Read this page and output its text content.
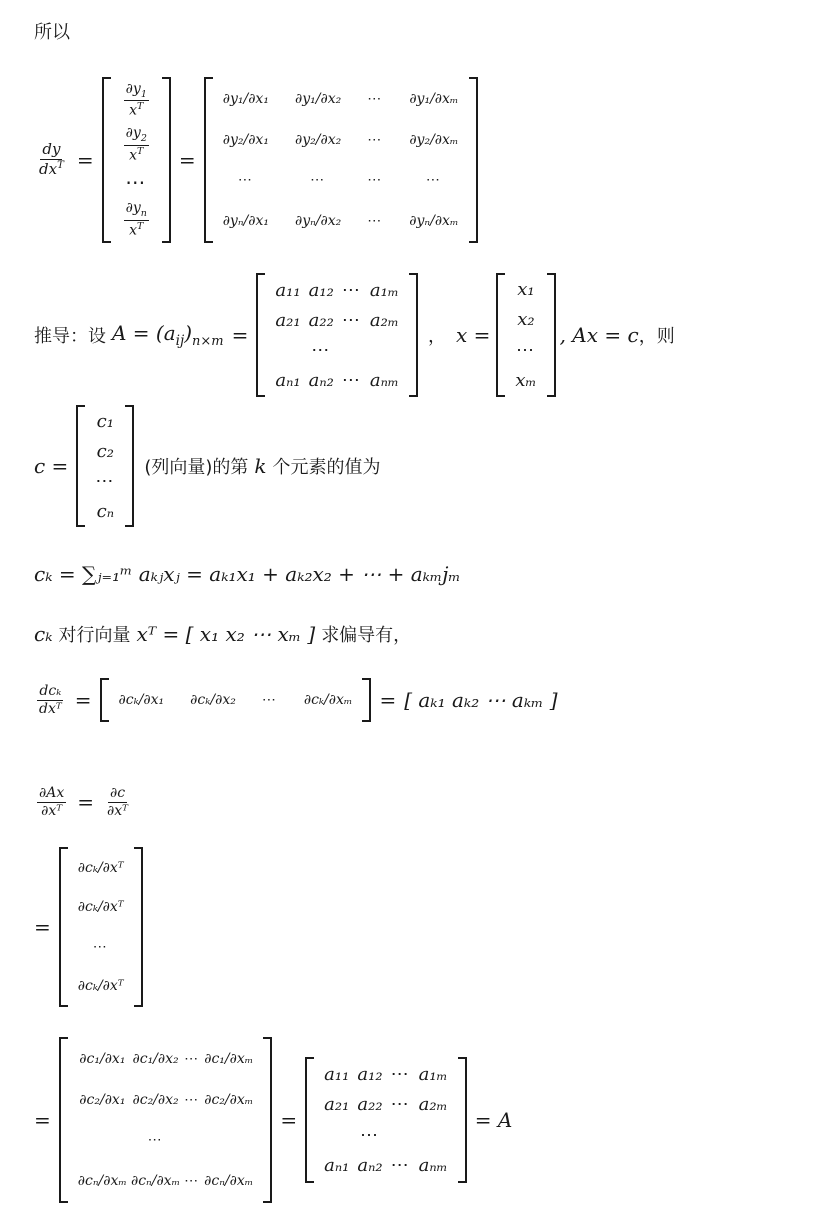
所以
$\frac{dy}{dx^T}$ =
$\frac{\partial y_1}{x^T}$
$\frac{\partial y_2}{x^T}$
⋯
$\frac{\partial y_n}{x^T}$
=
∂y₁/∂x₁ ∂y₁/∂x₂ ⋯ ∂y₁/∂xₘ
∂y₂/∂x₁ ∂y₂/∂x₂ ⋯ ∂y₂/∂xₘ
⋯	⋯	⋯	⋯
∂yₙ/∂x₁ ∂yₙ/∂x₂ ⋯ ∂yₙ/∂xₘ
推导：设 $A = (a_{ij})_{n\times m}$ =
a₁₁ a₁₂ ⋯ a₁ₘ
a₂₁ a₂₂ ⋯ a₂ₘ
⋯
aₙ₁ aₙ₂ ⋯ aₙₘ
， x =
x₁
x₂
⋯
xₘ
, Ax = c ，则
c =
c₁
c₂
⋯
cₙ
(列向量)的第 k 个元素的值为
cₖ = ∑ⱼ₌₁ᵐ aₖⱼxⱼ = aₖ₁x₁ + aₖ₂x₂ + ⋯ + aₖₘjₘ
cₖ 对行向量 xᵀ = [ x₁ x₂ ⋯ xₘ ] 求偏导有，
$\frac{\text{dcₖ}}{\text{dxᵀ}} = \partial c_k/\partial x_1$ ∂cₖ/∂x₂ ⋯ ∂cₖ/∂xₘ = [ aₖ₁ aₖ₂ ⋯ aₖₘ ]
$\frac{\partial Ax}{\text{∂xᵀ}} = \frac{\partial c}{\text{∂xᵀ}}$
=
∂cₖ/∂xᵀ
∂cₖ/∂xᵀ
⋯
∂cₖ/∂xᵀ
=
∂c₁/∂x₁ ∂c₁/∂x₂ ⋯ ∂c₁/∂xₘ
∂c₂/∂x₁ ∂c₂/∂x₂ ⋯ ∂c₂/∂xₘ
⋯
∂cₙ/∂xₘ ∂cₙ/∂xₘ ⋯ ∂cₙ/∂xₘ
=
a₁₁ a₁₂ ⋯ a₁ₘ
a₂₁ a₂₂ ⋯ a₂ₘ
⋯
aₙ₁ aₙ₂ ⋯ aₙₘ
= A
